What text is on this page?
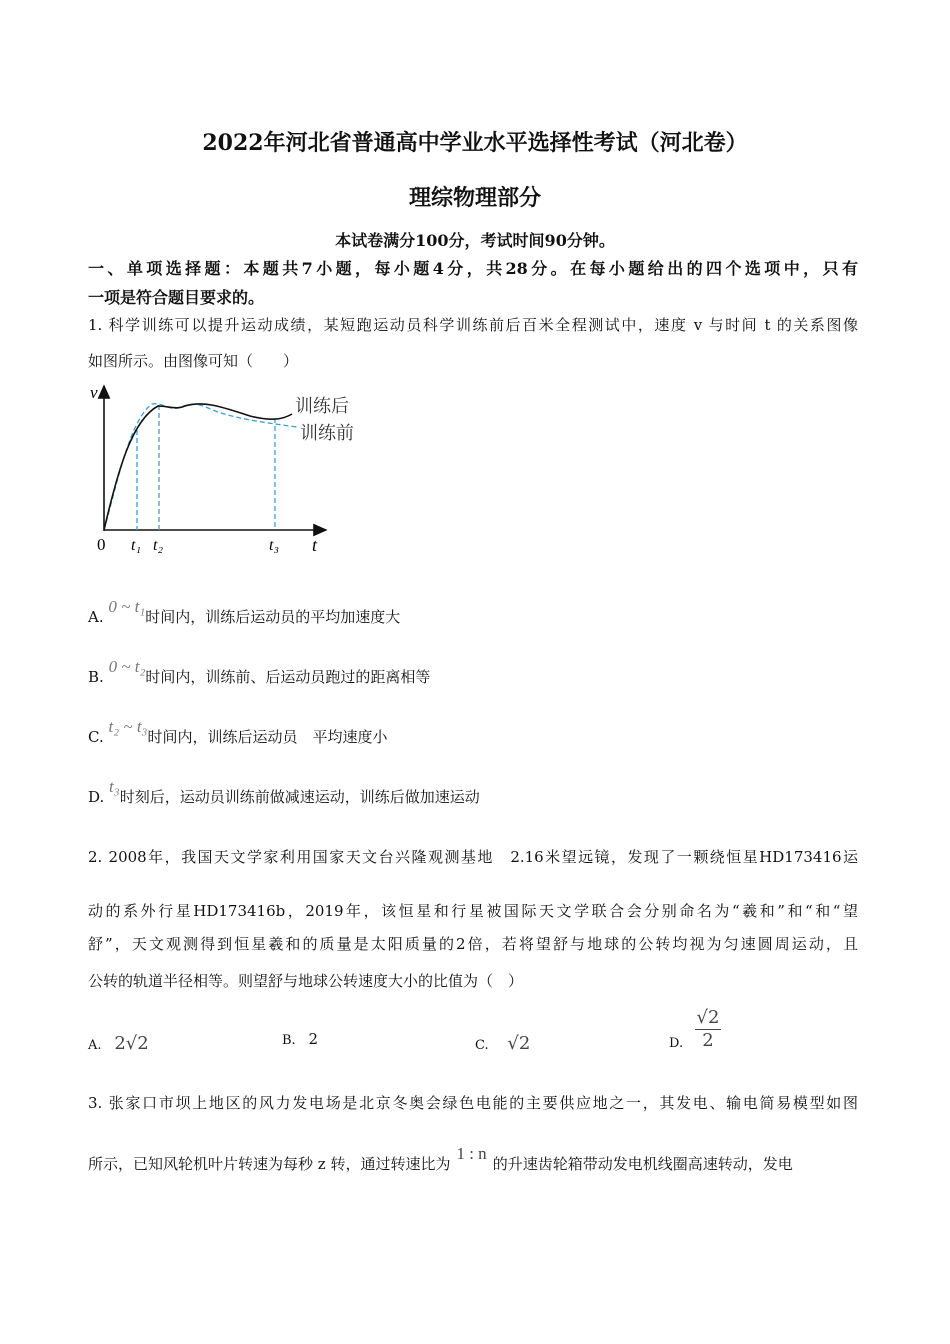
2022年河北省普通高中学业水平选择性考试（河北卷）
理综物理部分
本试卷满分100分，考试时间90分钟。
一、单项选择题：本题共7小题，每小题4分，共28分。在每小题给出的四个选项中，只有
一项是符合题目要求的。
1. 科学训练可以提升运动成绩，某短跑运动员科学训练前后百米全程测试中，速度 v 与时间 t 的关系图像
如图所示。由图像可知（　　）
v
t
0 t₁ t₂	t₃
训练后
训练前
A. 0 ~ t₁时间内，训练后运动员的平均加速度大
B. 0 ~ t₂时间内，训练前、后运动员跑过的距离相等
C. t₂ ~ t₃时间内，训练后运动员　平均速度小
D. t₃时刻后，运动员训练前做减速运动，训练后做加速运动
2. 2008年，我国天文学家利用国家天文台兴隆观测基地　2.16米望远镜，发现了一颗绕恒星HD173416运
动的系外行星HD173416b，2019年，该恒星和行星被国际天文学联合会分别命名为“羲和”和“和“望
舒”，天文观测得到恒星羲和的质量是太阳质量的2倍，若将望舒与地球的公转均视为匀速圆周运动，且
公转的轨道半径相等。则望舒与地球公转速度大小的比值为（　）
A. 2√2	B. 2	C. √2	D.
√2
2
3. 张家口市坝上地区的风力发电场是北京冬奥会绿色电能的主要供应地之一，其发电、输电简易模型如图
所示，已知风轮机叶片转速为每秒 z 转，通过转速比为1 : n的升速齿轮箱带动发电机线圈高速转动，发电
